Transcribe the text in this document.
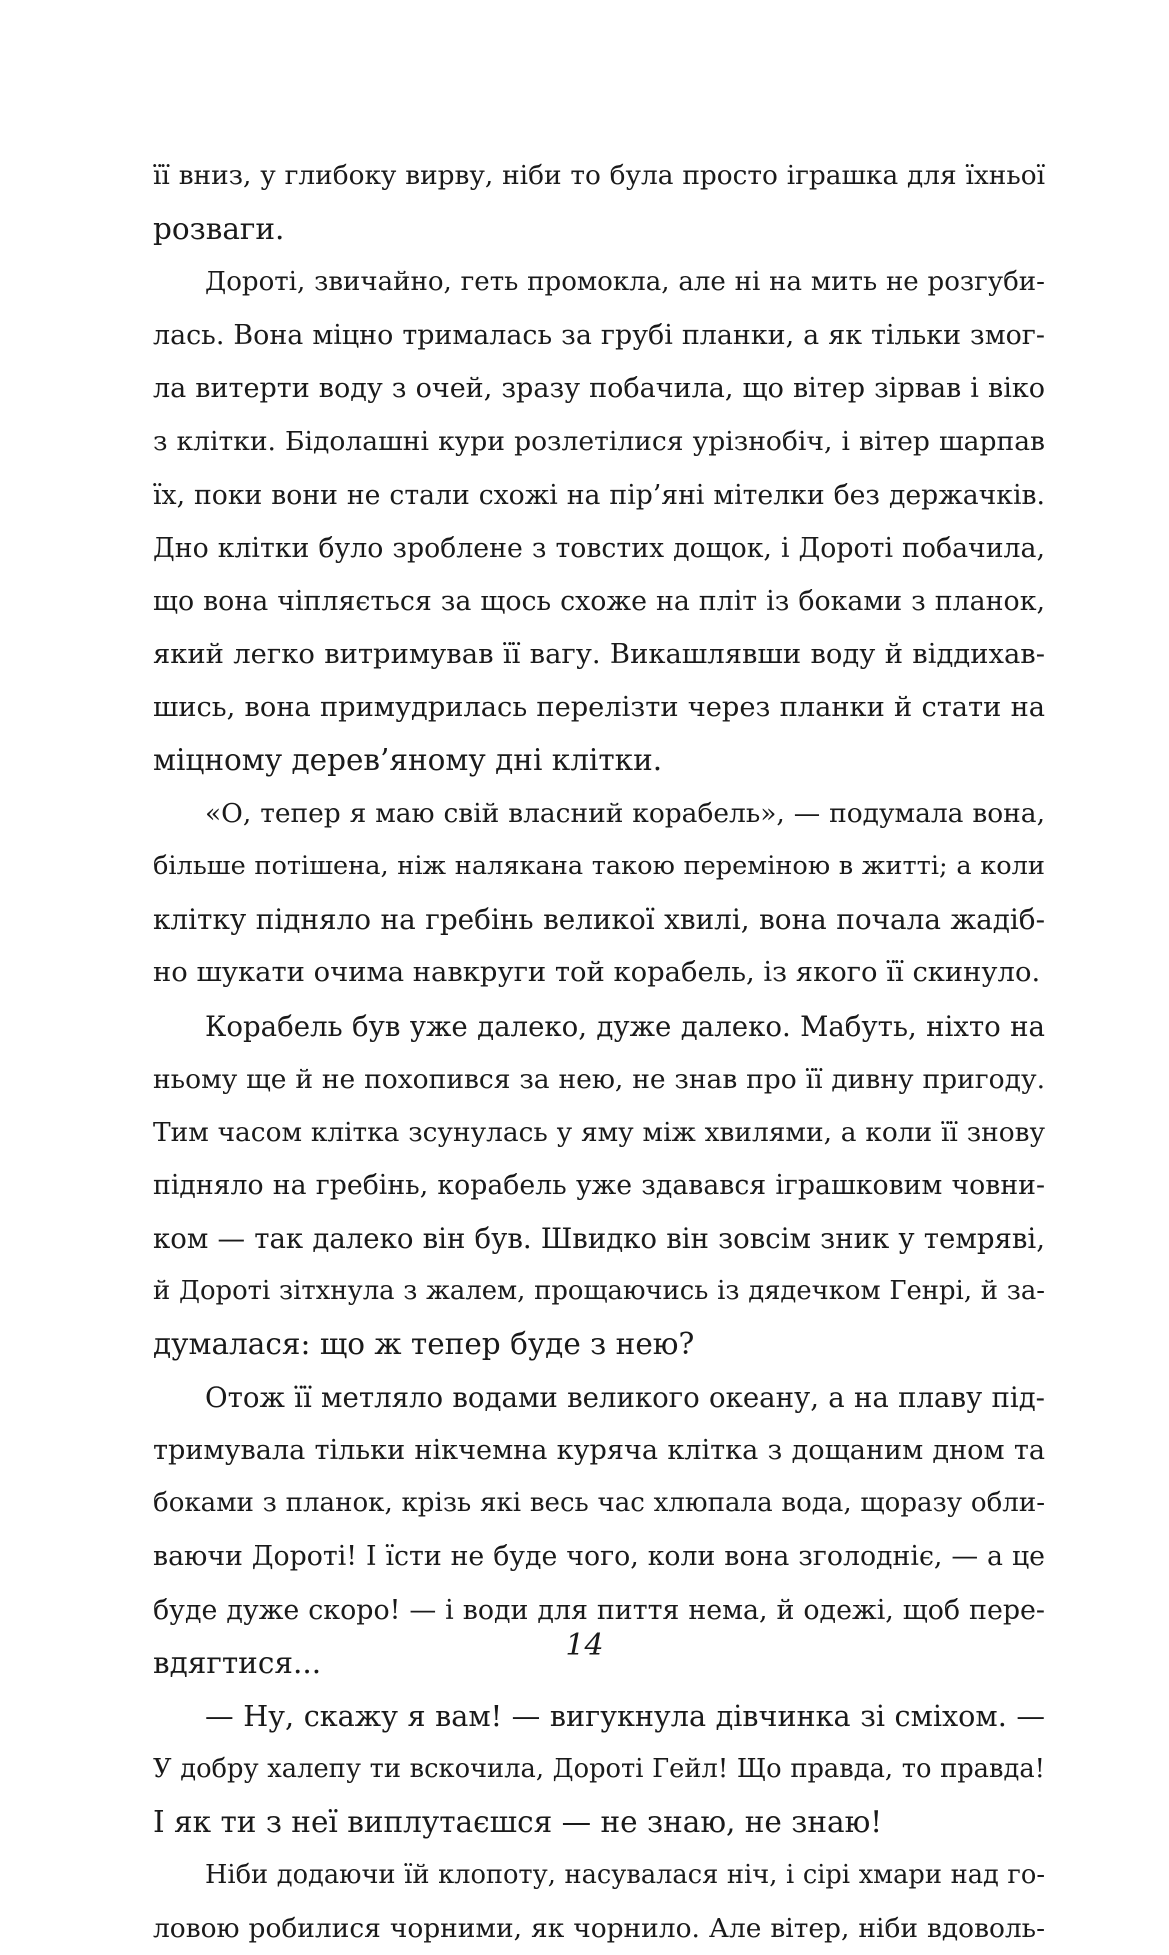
її вниз, у глибоку вирву, ніби то була просто іграшка для їхньої
розваги.
Дороті, звичайно, геть промокла, але ні на мить не розгуби-
лась. Вона міцно трималась за грубі планки, а як тільки змог-
ла витерти воду з очей, зразу побачила, що вітер зірвав і віко
з клітки. Бідолашні кури розлетілися урізнобіч, і вітер шарпав
їх, поки вони не стали схожі на пір’яні мітелки без держачків.
Дно клітки було зроблене з товстих дощок, і Дороті побачила,
що вона чіпляється за щось схоже на пліт із боками з планок,
який легко витримував її вагу. Викашлявши воду й віддихав-
шись, вона примудрилась перелізти через планки й стати на
міцному дерев’яному дні клітки.
«О, тепер я маю свій власний корабель», — подумала вона,
більше потішена, ніж налякана такою переміною в житті; а коли
клітку підняло на гребінь великої хвилі, вона почала жадіб-
но шукати очима навкруги той корабель, із якого її скинуло.
Корабель був уже далеко, дуже далеко. Мабуть, ніхто на
ньому ще й не похопився за нею, не знав про її дивну пригоду.
Тим часом клітка зсунулась у яму між хвилями, а коли її знову
підняло на гребінь, корабель уже здавався іграшковим човни-
ком — так далеко він був. Швидко він зовсім зник у темряві,
й Дороті зітхнула з жалем, прощаючись із дядечком Генрі, й за-
думалася: що ж тепер буде з нею?
Отож її метляло водами великого океану, а на плаву під-
тримувала тільки нікчемна куряча клітка з дощаним дном та
боками з планок, крізь які весь час хлюпала вода, щоразу обли-
ваючи Дороті! І їсти не буде чого, коли вона зголодніє, — а це
буде дуже скоро! — і води для пиття нема, й одежі, щоб пере-
вдягтися...
— Ну, скажу я вам! — вигукнула дівчинка зі сміхом. —
У добру халепу ти вскочила, Дороті Гейл! Що правда, то правда!
І як ти з неї виплутаєшся — не знаю, не знаю!
Ніби додаючи їй клопоту, насувалася ніч, і сірі хмари над го-
ловою робилися чорними, як чорнило. Але вітер, ніби вдоволь-
14
